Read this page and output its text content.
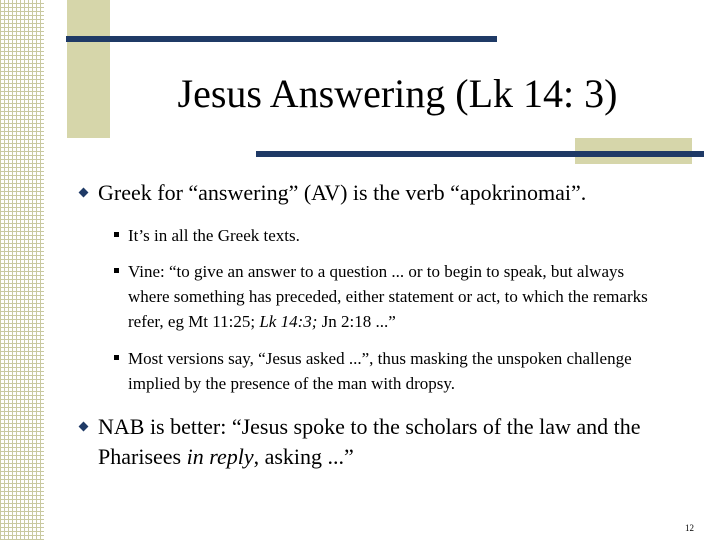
Jesus Answering (Lk 14: 3)
Greek for “answering” (AV) is the verb “apokrinomai”.
It’s in all the Greek texts.
Vine: “to give an answer to a question ... or to begin to speak, but always where something has preceded, either statement or act, to which the remarks refer, eg Mt 11:25; Lk 14:3; Jn 2:18 ...”
Most versions say, “Jesus asked ...”, thus masking the unspoken challenge implied by the presence of the man with dropsy.
NAB is better: “Jesus spoke to the scholars of the law and the Pharisees in reply, asking ...”
12
